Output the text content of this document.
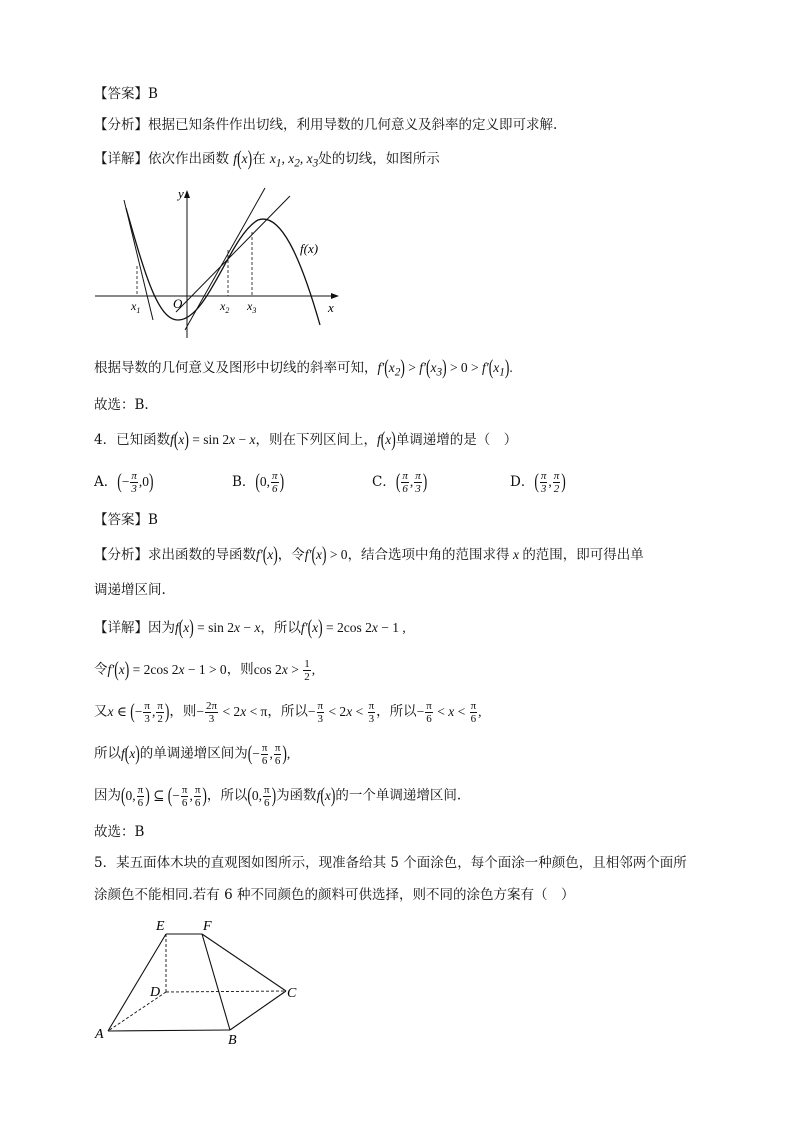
【答案】B
【分析】根据已知条件作出切线，利用导数的几何意义及斜率的定义即可求解.
【详解】依次作出函数 f(x)在 $x_1$, $x_2$, $x_3$处的切线，如图所示
y
x
O
$x_1$	$x_2$ $x_3$
f(x)
根据导数的几何意义及图形中切线的斜率可知，$f'(x_2) > f'(x_3) > 0 > f'(x_1)$.
故选：B.
4．已知函数f(x) = sin 2x − x，则在下列区间上，f(x)单调递增的是（　）
A．(− $\frac{\pi}{3} ,0$)	B．(0, $\frac{\pi}{6}$ )	C．( $\frac{\pi}{6}$ , $\frac{\pi}{3}$ )	D．( $\frac{\pi}{3}$ , $\frac{\pi}{2}$ )
【答案】B
【分析】求出函数的导函数f′(x)，令f′(x) > 0，结合选项中角的范围求得 x 的范围，即可得出单
调递增区间.
【详解】因为f(x) = sin 2x − x，所以f′(x) = 2cos 2x − 1 ,
令f′(x) = 2cos 2x − 1 > 0，则$\cos 2x > \frac{1}{2}$ ,
又x ∈ (− $\frac{\pi}{3}$ , $\frac{\pi}{2}$ )，则− $\frac{2\pi}{3} < 2x < \pi$，所以− $\frac{\pi}{3} < 2x < \frac{\pi}{3}$ ，所以− $\frac{\pi}{6} < x < \frac{\pi}{6}$ ,
所以f(x)的单调递增区间为(− $\frac{\pi}{6}$ , $\frac{\pi}{6}$ ),
因为(0, $\frac{\pi}{6}$ ) ⊆ (− $\frac{\pi}{6}$ , $\frac{\pi}{6}$ )，所以(0, $\frac{\pi}{6}$ )为函数f(x)的一个单调递增区间.
故选：B
5．某五面体木块的直观图如图所示，现准备给其 5 个面涂色，每个面涂一种颜色，且相邻两个面所
涂颜色不能相同.若有 6 种不同颜色的颜料可供选择，则不同的涂色方案有（　）
E	F
D	C
A	B
